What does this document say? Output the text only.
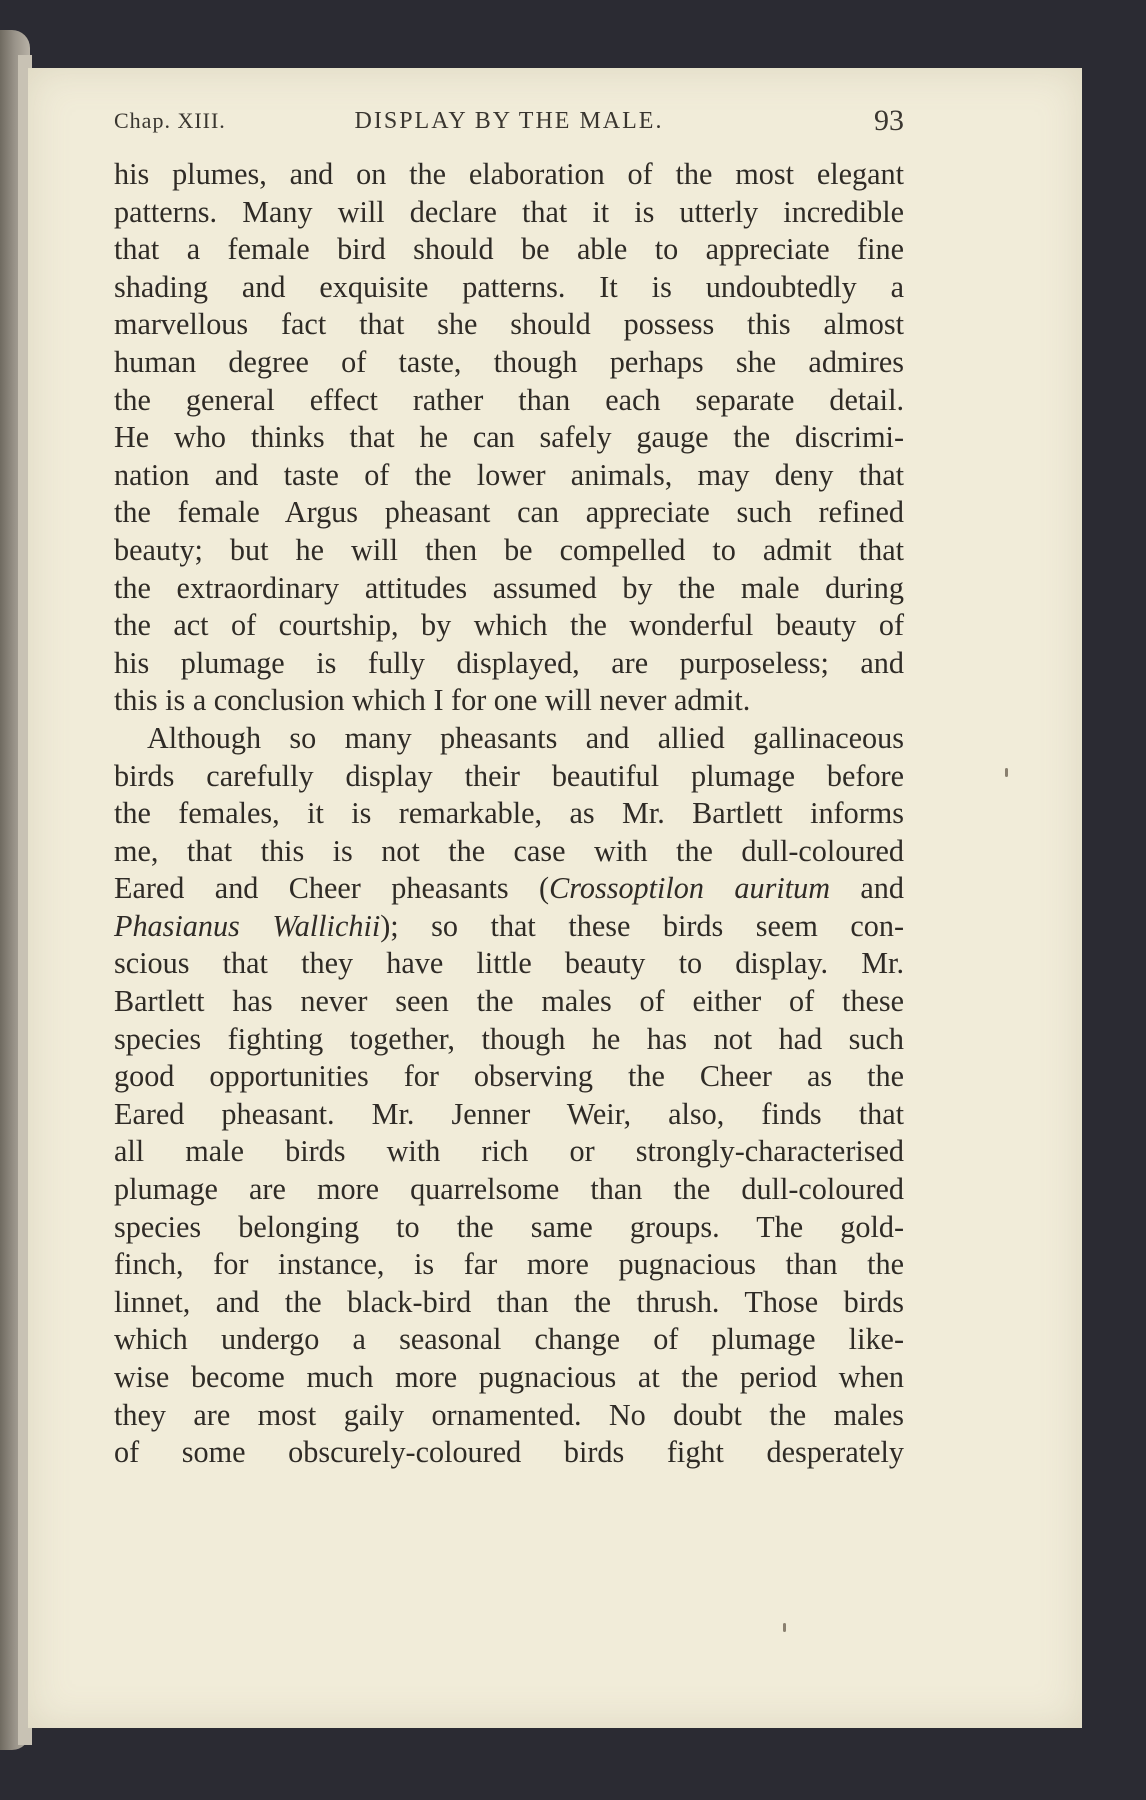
Chap. XIII.	DISPLAY BY THE MALE.	93
his plumes, and on the elaboration of the most elegant
patterns. Many will declare that it is utterly incredible
that a female bird should be able to appreciate fine
shading and exquisite patterns. It is undoubtedly a
marvellous fact that she should possess this almost
human degree of taste, though perhaps she admires
the general effect rather than each separate detail.
He who thinks that he can safely gauge the discrimi-
nation and taste of the lower animals, may deny that
the female Argus pheasant can appreciate such refined
beauty; but he will then be compelled to admit that
the extraordinary attitudes assumed by the male during
the act of courtship, by which the wonderful beauty of
his plumage is fully displayed, are purposeless; and
this is a conclusion which I for one will never admit.
Although so many pheasants and allied gallinaceous
birds carefully display their beautiful plumage before
the females, it is remarkable, as Mr. Bartlett informs
me, that this is not the case with the dull-coloured
Eared and Cheer pheasants (Crossoptilon auritum and
Phasianus Wallichii); so that these birds seem con-
scious that they have little beauty to display. Mr.
Bartlett has never seen the males of either of these
species fighting together, though he has not had such
good opportunities for observing the Cheer as the
Eared pheasant. Mr. Jenner Weir, also, finds that
all male birds with rich or strongly-characterised
plumage are more quarrelsome than the dull-coloured
species belonging to the same groups. The gold-
finch, for instance, is far more pugnacious than the
linnet, and the black-bird than the thrush. Those birds
which undergo a seasonal change of plumage like-
wise become much more pugnacious at the period when
they are most gaily ornamented. No doubt the males
of some obscurely-coloured birds fight desperately
